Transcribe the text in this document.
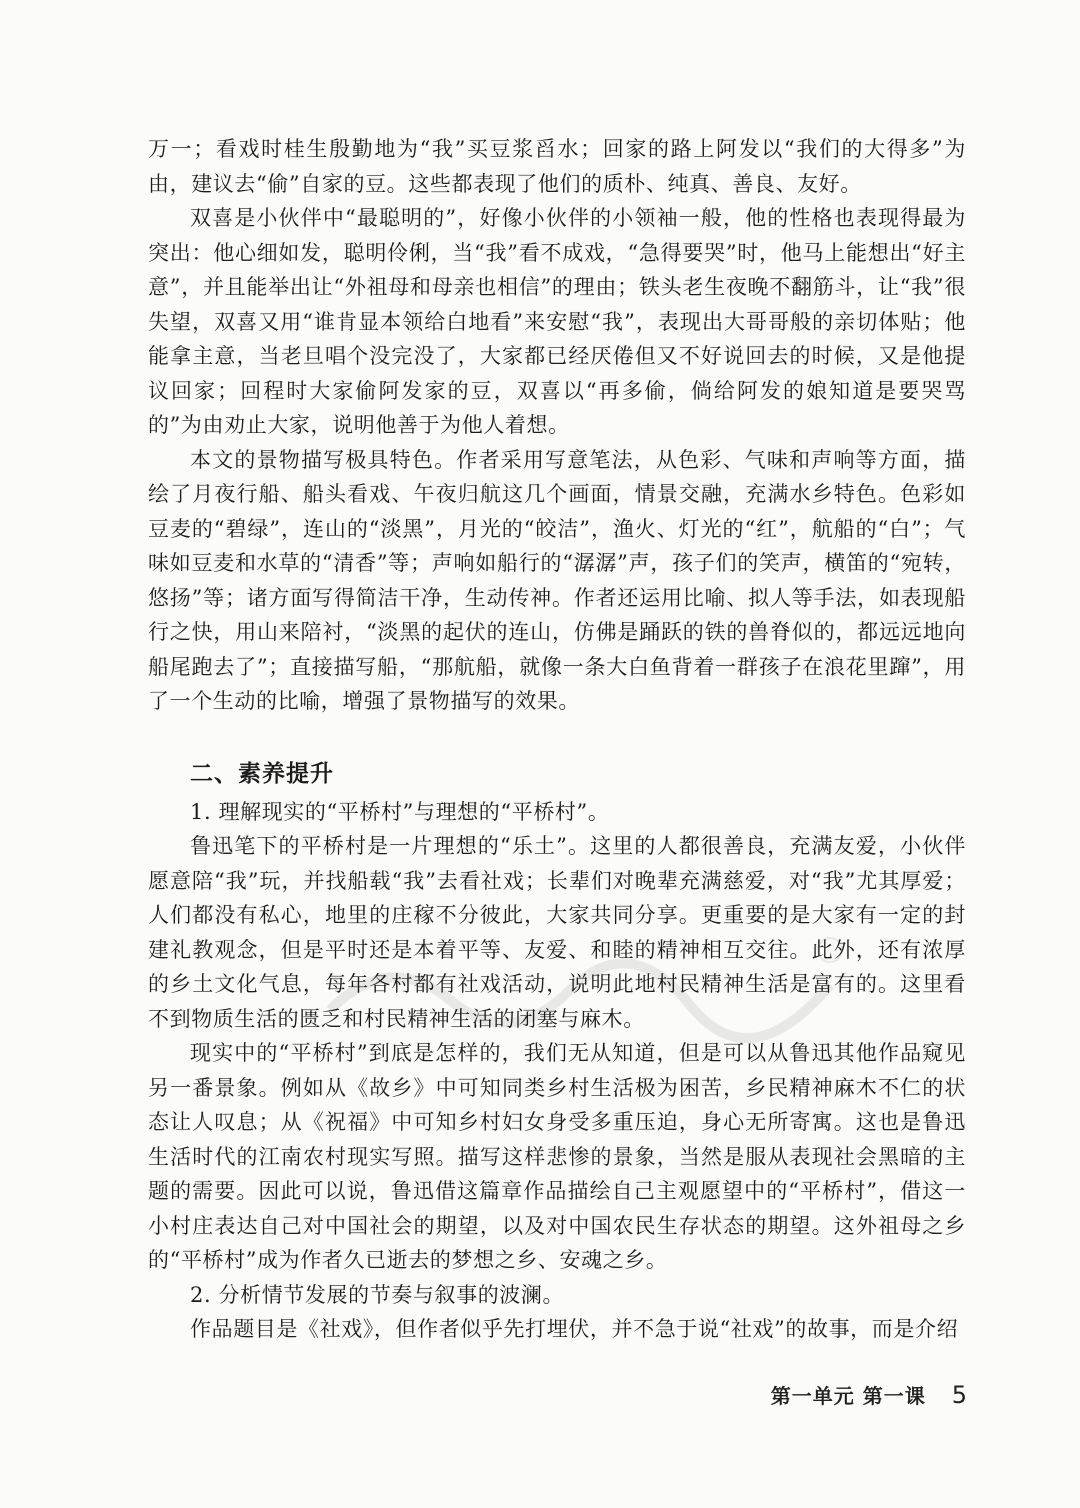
万一；看戏时桂生殷勤地为“我”买豆浆舀水；回家的路上阿发以“我们的大得多”为由，建议去“偷”自家的豆。这些都表现了他们的质朴、纯真、善良、友好。

双喜是小伙伴中“最聪明的”，好像小伙伴的小领袖一般，他的性格也表现得最为突出：他心细如发，聪明伶俐，当“我”看不成戏，“急得要哭”时，他马上能想出“好主意”，并且能举出让“外祖母和母亲也相信”的理由；铁头老生夜晚不翻筋斗，让“我”很失望，双喜又用“谁肯显本领给白地看”来安慰“我”，表现出大哥哥般的亲切体贴；他能拿主意，当老旦唱个没完没了，大家都已经厌倦但又不好说回去的时候，又是他提议回家；回程时大家偷阿发家的豆，双喜以“再多偷，倘给阿发的娘知道是要哭骂的”为由劝止大家，说明他善于为他人着想。

本文的景物描写极具特色。作者采用写意笔法，从色彩、气味和声响等方面，描绘了月夜行船、船头看戏、午夜归航这几个画面，情景交融，充满水乡特色。色彩如豆麦的“碧绿”，连山的“淡黑”，月光的“皎洁”，渔火、灯光的“红”，航船的“白”；气味如豆麦和水草的“清香”等；声响如船行的“潺潺”声，孩子们的笑声，横笛的“宛转，悠扬”等；诸方面写得简洁干净，生动传神。作者还运用比喻、拟人等手法，如表现船行之快，用山来陪衬，“淡黑的起伏的连山，仿佛是踊跃的铁的兽脊似的，都远远地向船尾跑去了”；直接描写船，“那航船，就像一条大白鱼背着一群孩子在浪花里蹿”，用了一个生动的比喻，增强了景物描写的效果。

二、素养提升

1. 理解现实的“平桥村”与理想的“平桥村”。

鲁迅笔下的平桥村是一片理想的“乐土”。这里的人都很善良，充满友爱，小伙伴愿意陪“我”玩，并找船载“我”去看社戏；长辈们对晚辈充满慈爱，对“我”尤其厚爱；人们都没有私心，地里的庄稼不分彼此，大家共同分享。更重要的是大家有一定的封建礼教观念，但是平时还是本着平等、友爱、和睦的精神相互交往。此外，还有浓厚的乡土文化气息，每年各村都有社戏活动，说明此地村民精神生活是富有的。这里看不到物质生活的匮乏和村民精神生活的闭塞与麻木。

现实中的“平桥村”到底是怎样的，我们无从知道，但是可以从鲁迅其他作品窥见另一番景象。例如从《故乡》中可知同类乡村生活极为困苦，乡民精神麻木不仁的状态让人叹息；从《祝福》中可知乡村妇女身受多重压迫，身心无所寄寓。这也是鲁迅生活时代的江南农村现实写照。描写这样悲惨的景象，当然是服从表现社会黑暗的主题的需要。因此可以说，鲁迅借这篇章作品描绘自己主观愿望中的“平桥村”，借这一小村庄表达自己对中国社会的期望，以及对中国农民生存状态的期望。这外祖母之乡的“平桥村”成为作者久已逝去的梦想之乡、安魂之乡。

2. 分析情节发展的节奏与叙事的波澜。

作品题目是《社戏》，但作者似乎先打埋伏，并不急于说“社戏”的故事，而是介绍

第一单元 第一课 5
